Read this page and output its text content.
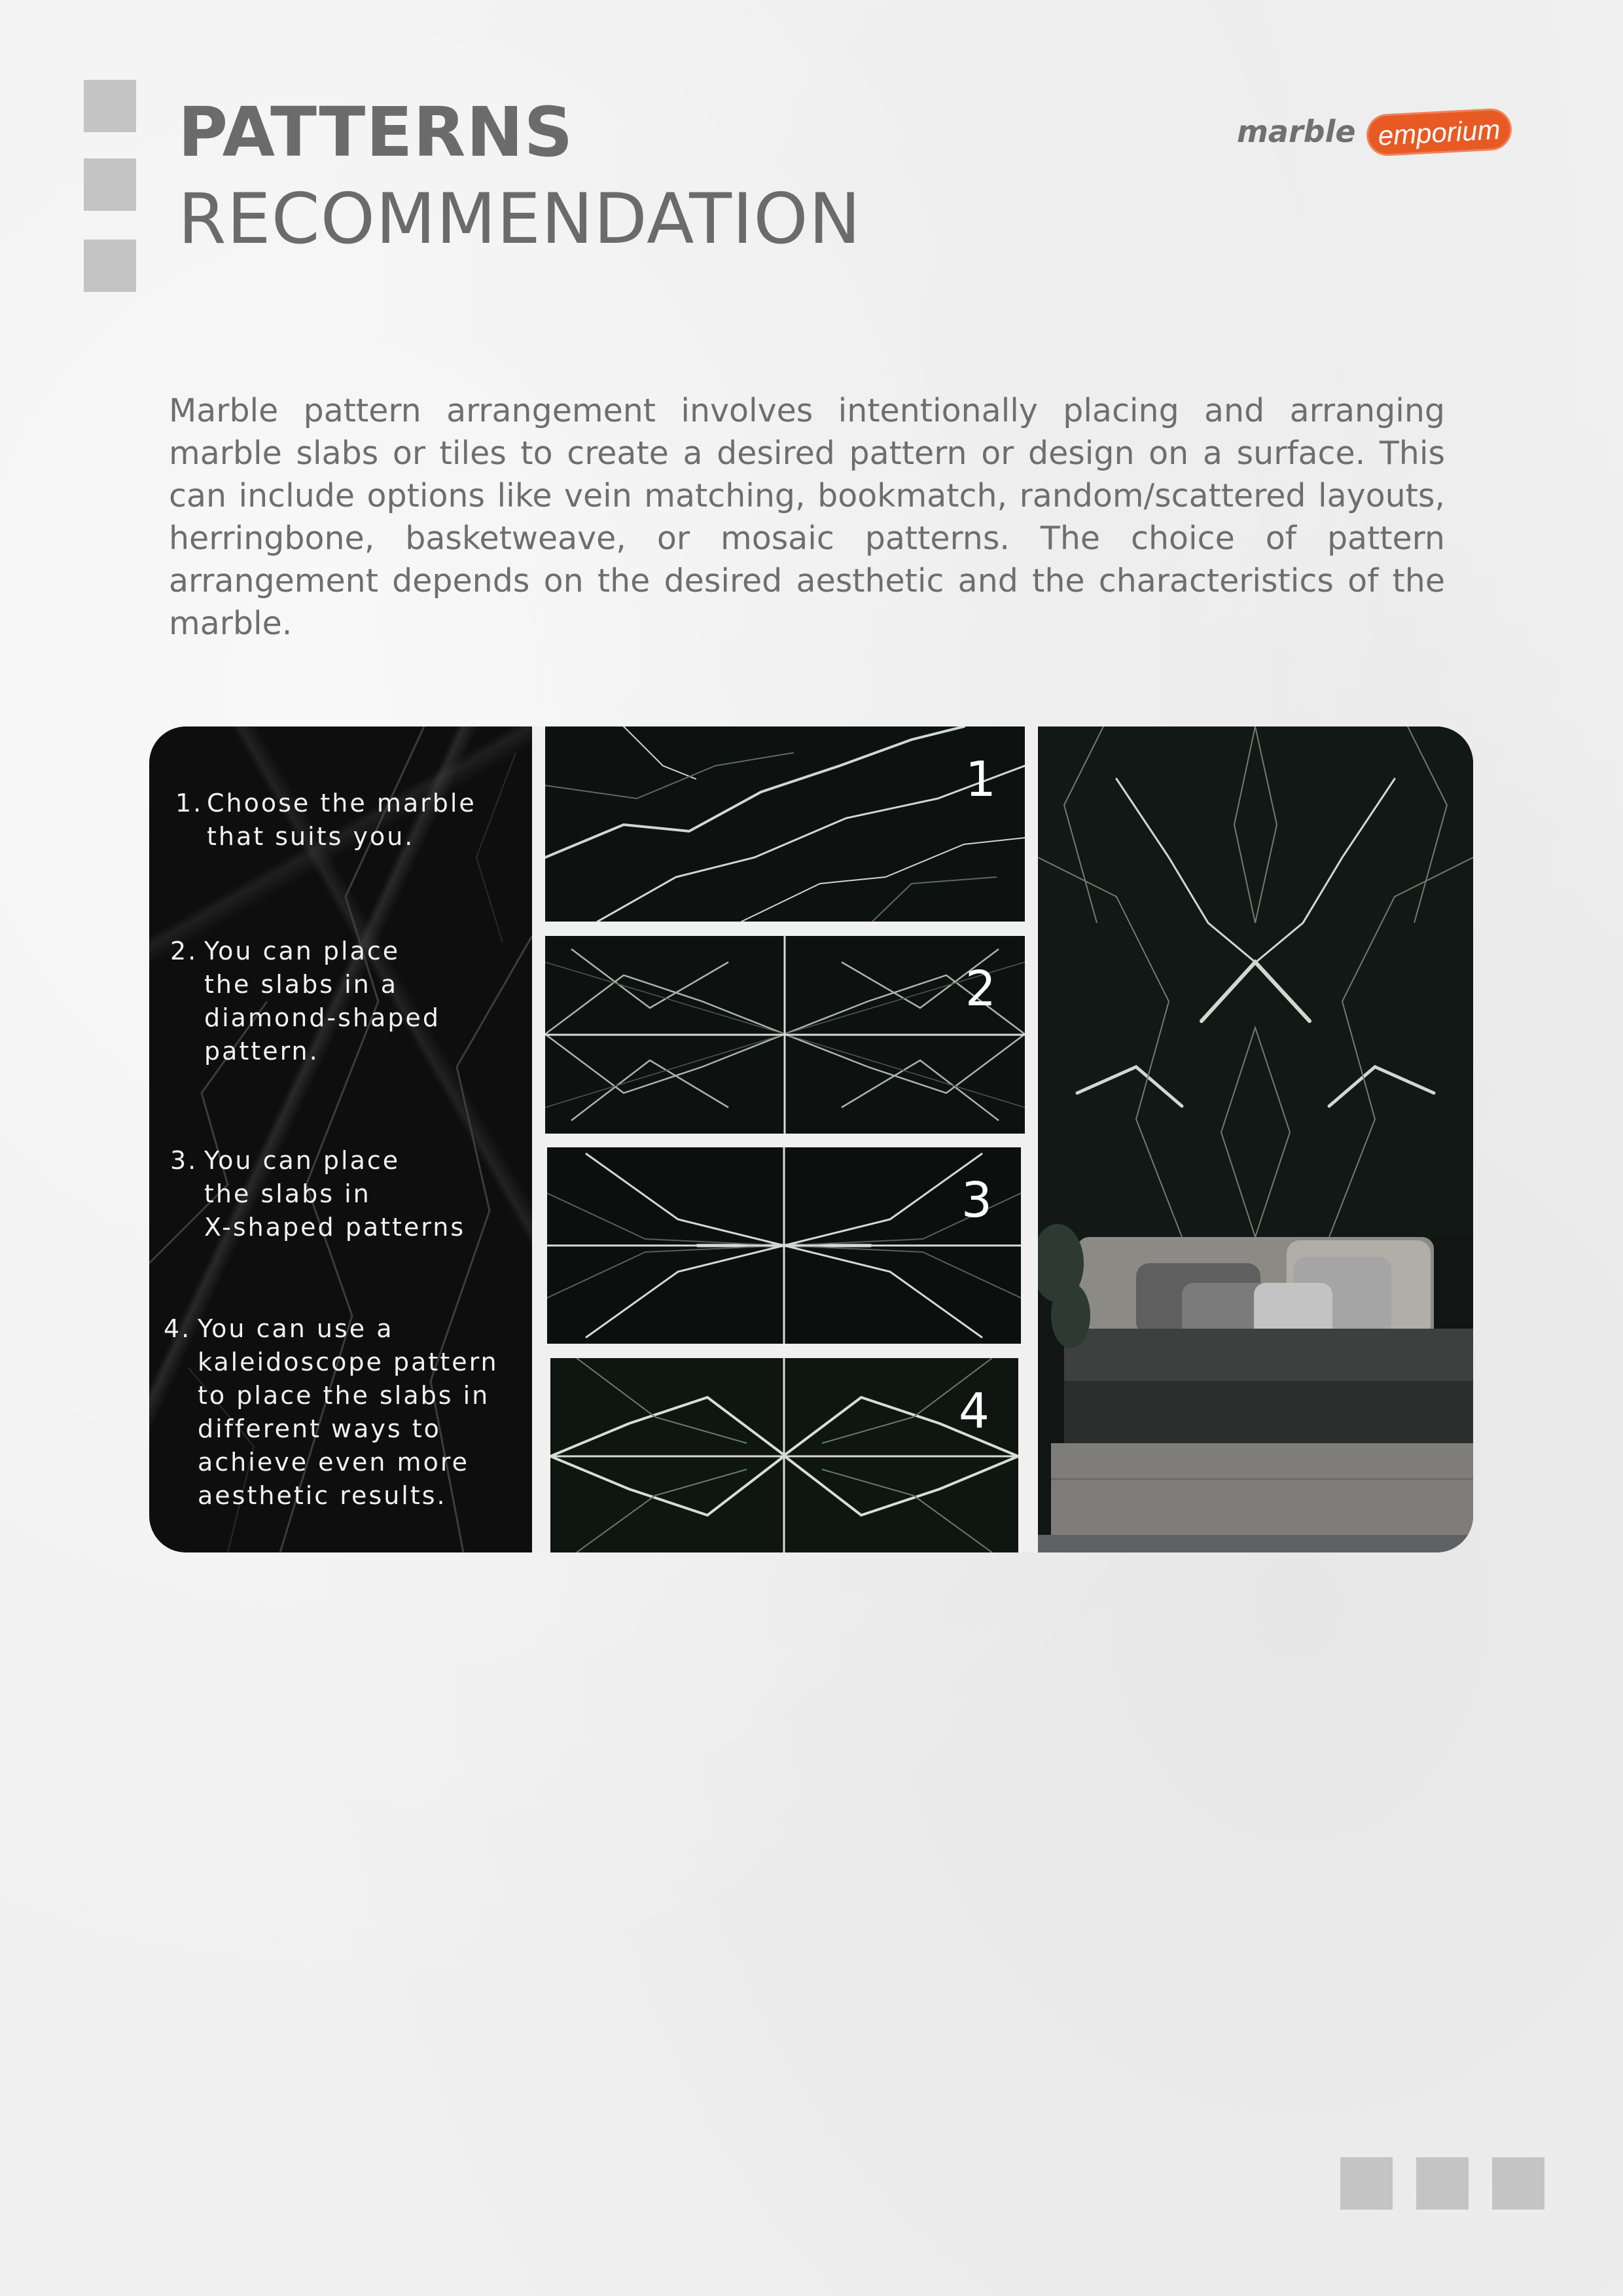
PATTERNS
RECOMMENDATION
marble emporium

Marble pattern arrangement involves intentionally placing and arranging marble slabs or tiles to create a desired pattern or design on a surface. This can include options like vein matching, bookmatch, random/scattered layouts, herringbone, basketweave, or mosaic patterns. The choice of pattern arrangement depends on the desired aesthetic and the characteristics of the marble.

1. Choose the marble
that suits you.
2. You can place
the slabs in a
diamond-shaped
pattern.
3. You can place
the slabs in
X-shaped patterns
4. You can use a
kaleidoscope pattern
to place the slabs in
different ways to
achieve even more
aesthetic results.
1
2
3
4
